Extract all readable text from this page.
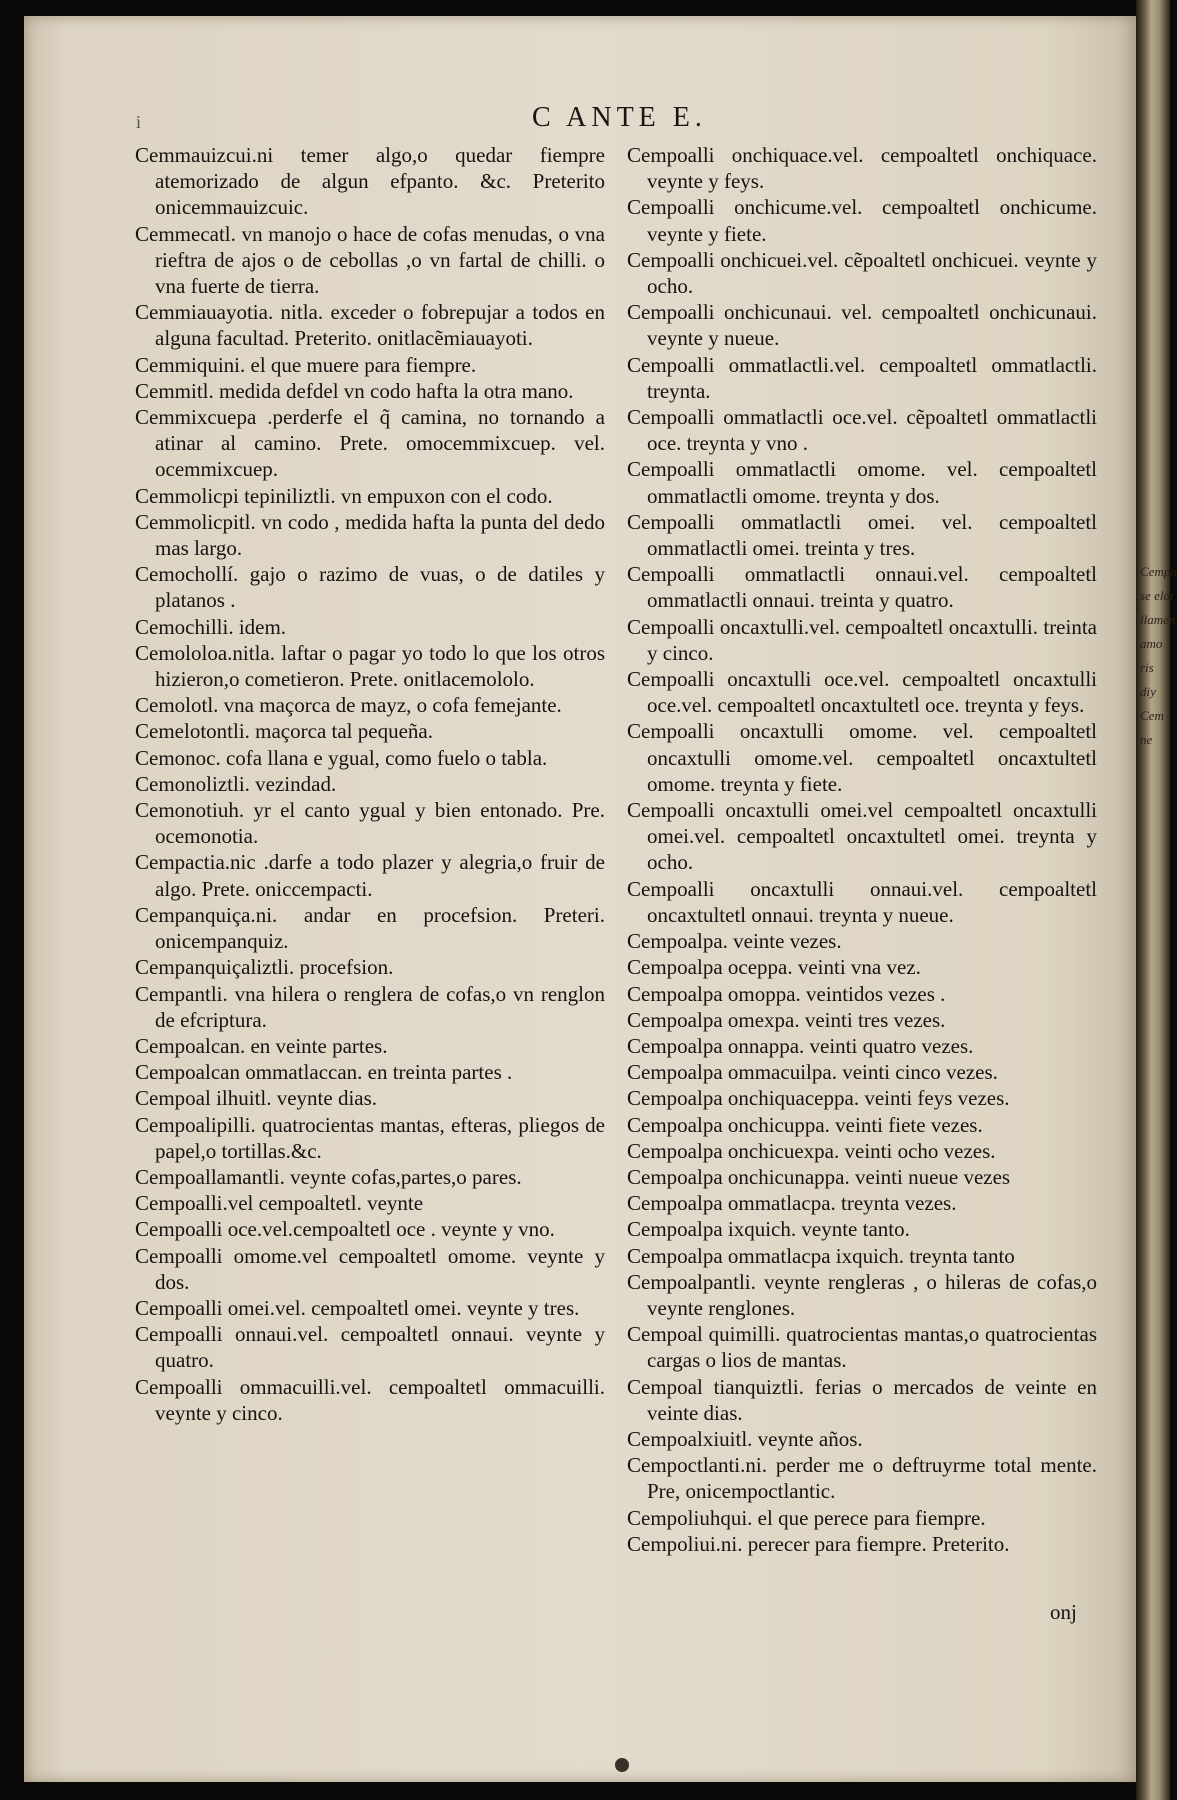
Cempo
se elot
llamen
amo
ris
diy
Cem
ne
i	C ANTE E.
Cemmauizcui.ni temer algo,o quedar fiempre atemorizado de algun efpanto. &c. Preterito onicemmauizcuic.
Cemmecatl. vn manojo o hace de cofas menudas, o vna rieftra de ajos o de cebollas ,o vn fartal de chilli. o vna fuerte de tierra.
Cemmiauayotia. nitla. exceder o fobrepujar a todos en alguna facultad. Preterito. onitlacẽmiauayoti.
Cemmiquini. el que muere para fiempre.
Cemmitl. medida defdel vn codo hafta la otra mano.
Cemmixcuepa .perderfe el q̃ camina, no tornando a atinar al camino. Prete. omocemmixcuep. vel. ocemmixcuep.
Cemmolicpi tepiniliztli. vn empuxon con el codo.
Cemmolicpitl. vn codo , medida hafta la punta del dedo mas largo.
Cemochollí. gajo o razimo de vuas, o de datiles y platanos .
Cemochilli. idem.
Cemololoa.nitla. laftar o pagar yo todo lo que los otros hizieron,o cometieron. Prete. onitlacemololo.
Cemolotl. vna maçorca de mayz, o cofa femejante.
Cemelotontli. maçorca tal pequeña.
Cemonoc. cofa llana e ygual, como fuelo o tabla.
Cemonoliztli. vezindad.
Cemonotiuh. yr el canto ygual y bien entonado. Pre. ocemonotia.
Cempactia.nic .darfe a todo plazer y alegria,o fruir de algo. Prete. oniccempacti.
Cempanquiça.ni. andar en procefsion. Preteri. onicempanquiz.
Cempanquiçaliztli. procefsion.
Cempantli. vna hilera o renglera de cofas,o vn renglon de efcriptura.
Cempoalcan. en veinte partes.
Cempoalcan ommatlaccan. en treinta partes .
Cempoal ilhuitl. veynte dias.
Cempoalipilli. quatrocientas mantas, efteras, pliegos de papel,o tortillas.&c.
Cempoallamantli. veynte cofas,partes,o pares.
Cempoalli.vel cempoaltetl. veynte
Cempoalli oce.vel.cempoaltetl oce . veynte y vno.
Cempoalli omome.vel cempoaltetl omome. veynte y dos.
Cempoalli omei.vel. cempoaltetl omei. veynte y tres.
Cempoalli onnaui.vel. cempoaltetl onnaui. veynte y quatro.
Cempoalli ommacuilli.vel. cempoaltetl ommacuilli. veynte y cinco.
Cempoalli onchiquace.vel. cempoaltetl onchiquace. veynte y feys.
Cempoalli onchicume.vel. cempoaltetl onchicume. veynte y fiete.
Cempoalli onchicuei.vel. cẽpoaltetl onchicuei. veynte y ocho.
Cempoalli onchicunaui. vel. cempoaltetl onchicunaui. veynte y nueue.
Cempoalli ommatlactli.vel. cempoaltetl ommatlactli. treynta.
Cempoalli ommatlactli oce.vel. cẽpoaltetl ommatlactli oce. treynta y vno .
Cempoalli ommatlactli omome. vel. cempoaltetl ommatlactli omome. treynta y dos.
Cempoalli ommatlactli omei. vel. cempoaltetl ommatlactli omei. treinta y tres.
Cempoalli ommatlactli onnaui.vel. cempoaltetl ommatlactli onnaui. treinta y quatro.
Cempoalli oncaxtulli.vel. cempoaltetl oncaxtulli. treinta y cinco.
Cempoalli oncaxtulli oce.vel. cempoaltetl oncaxtulli oce.vel. cempoaltetl oncaxtultetl oce. treynta y feys.
Cempoalli oncaxtulli omome. vel. cempoaltetl oncaxtulli omome.vel. cempoaltetl oncaxtultetl omome. treynta y fiete.
Cempoalli oncaxtulli omei.vel cempoaltetl oncaxtulli omei.vel. cempoaltetl oncaxtultetl omei. treynta y ocho.
Cempoalli oncaxtulli onnaui.vel. cempoaltetl oncaxtultetl onnaui. treynta y nueue.
Cempoalpa. veinte vezes.
Cempoalpa oceppa. veinti vna vez.
Cempoalpa omoppa. veintidos vezes .
Cempoalpa omexpa. veinti tres vezes.
Cempoalpa onnappa. veinti quatro vezes.
Cempoalpa ommacuilpa. veinti cinco vezes.
Cempoalpa onchiquaceppa. veinti feys vezes.
Cempoalpa onchicuppa. veinti fiete vezes.
Cempoalpa onchicuexpa. veinti ocho vezes.
Cempoalpa onchicunappa. veinti nueue vezes
Cempoalpa ommatlacpa. treynta vezes.
Cempoalpa ixquich. veynte tanto.
Cempoalpa ommatlacpa ixquich. treynta tanto
Cempoalpantli. veynte rengleras , o hileras de cofas,o veynte renglones.
Cempoal quimilli. quatrocientas mantas,o quatrocientas cargas o lios de mantas.
Cempoal tianquiztli. ferias o mercados de veinte en veinte dias.
Cempoalxiuitl. veynte años.
Cempoctlanti.ni. perder me o deftruyrme total mente. Pre, onicempoctlantic.
Cempoliuhqui. el que perece para fiempre.
Cempoliui.ni. perecer para fiempre. Preterito.
onj
